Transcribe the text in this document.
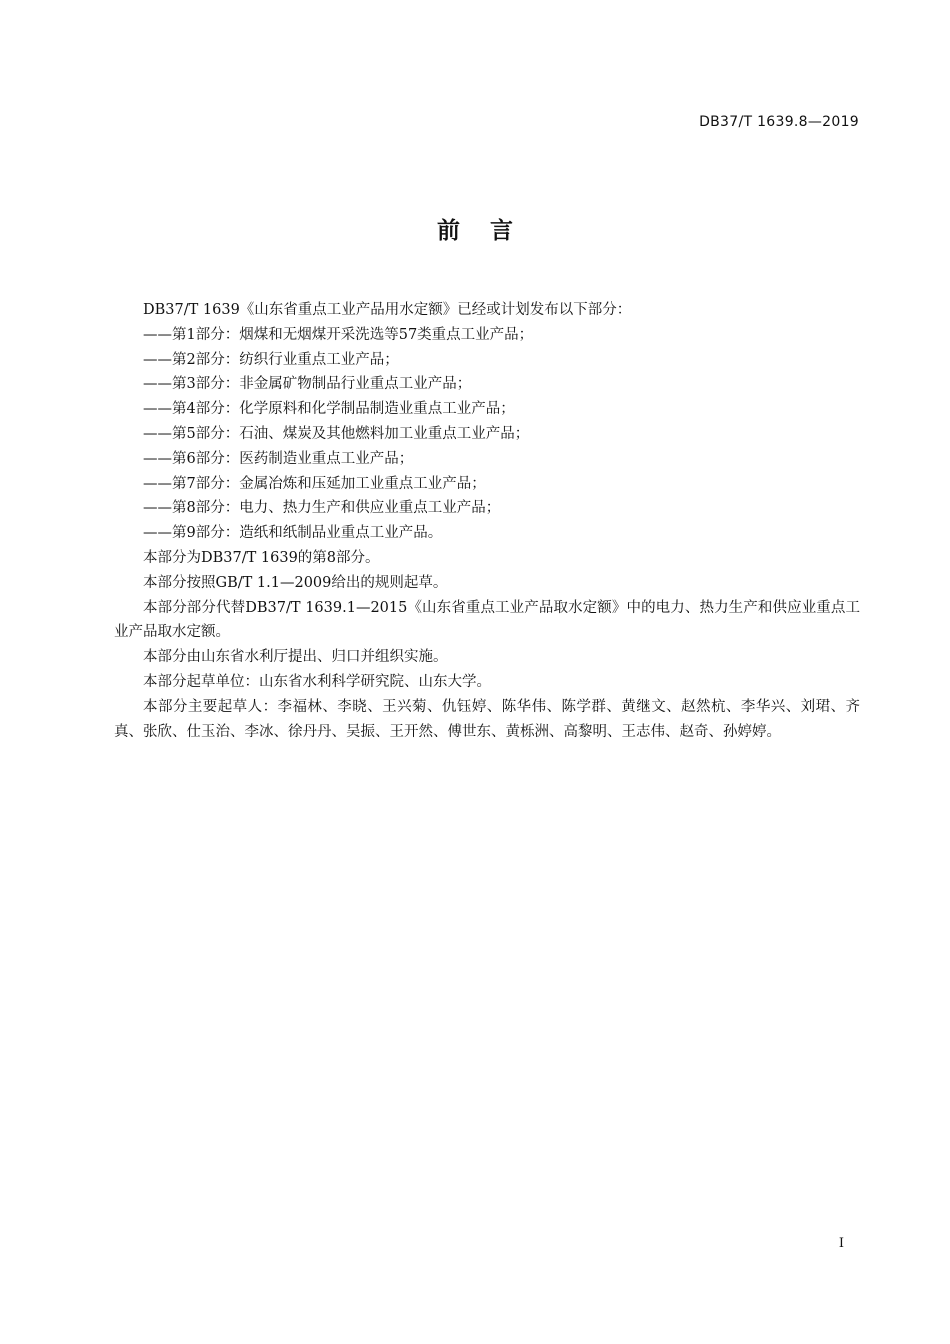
DB37/T 1639.8—2019
前言

DB37/T 1639《山东省重点工业产品用水定额》已经或计划发布以下部分：

——第1部分：烟煤和无烟煤开采洗选等57类重点工业产品；

——第2部分：纺织行业重点工业产品；

——第3部分：非金属矿物制品行业重点工业产品；

——第4部分：化学原料和化学制品制造业重点工业产品；

——第5部分：石油、煤炭及其他燃料加工业重点工业产品；

——第6部分：医药制造业重点工业产品；

——第7部分：金属冶炼和压延加工业重点工业产品；

——第8部分：电力、热力生产和供应业重点工业产品；

——第9部分：造纸和纸制品业重点工业产品。

本部分为DB37/T 1639的第8部分。

本部分按照GB/T 1.1—2009给出的规则起草。

本部分部分代替DB37/T 1639.1—2015《山东省重点工业产品取水定额》中的电力、热力生产和供应业重点工业产品取水定额。

本部分由山东省水利厅提出、归口并组织实施。

本部分起草单位：山东省水利科学研究院、山东大学。

本部分主要起草人：李福林、李晓、王兴菊、仇钰婷、陈华伟、陈学群、黄继文、赵然杭、李华兴、刘珺、齐真、张欣、仕玉治、李冰、徐丹丹、吴振、王开然、傅世东、黄栎洲、高黎明、王志伟、赵奇、孙婷婷。

I
